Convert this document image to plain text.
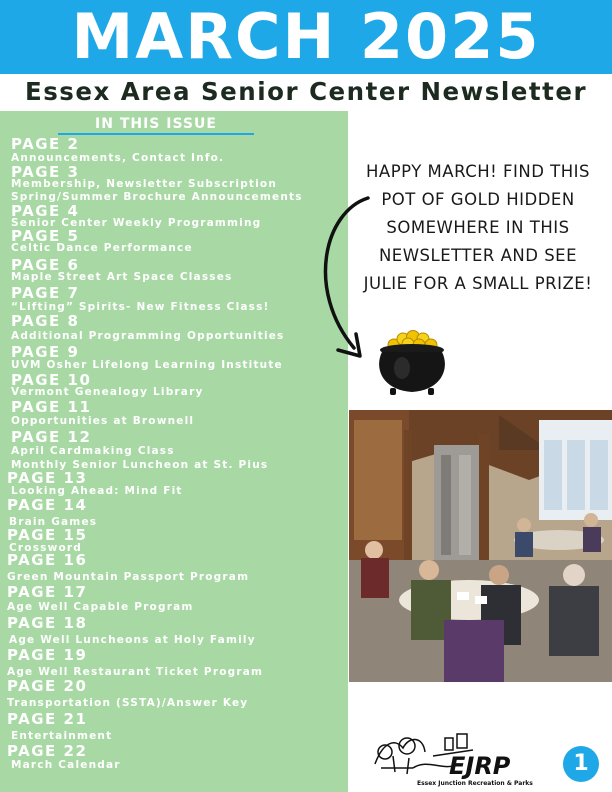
MARCH 2025
Essex Area Senior Center Newsletter
IN THIS ISSUE
PAGE 2
Announcements, Contact Info.
PAGE 3
Membership, Newsletter Subscription
Spring/Summer Brochure Announcements
PAGE 4
Senior Center Weekly Programming
PAGE 5
Celtic Dance Performance
PAGE 6
Maple Street Art Space Classes
PAGE 7
“Lifting” Spirits- New Fitness Class!
PAGE 8
Additional Programming Opportunities
PAGE 9
UVM Osher Lifelong Learning Institute
PAGE 10
Vermont Genealogy Library
PAGE 11
Opportunities at Brownell
PAGE 12
April Cardmaking Class
Monthly Senior Luncheon at St. Pius
PAGE 13
Looking Ahead: Mind Fit
PAGE 14
Brain Games
PAGE 15
Crossword
PAGE 16
Green Mountain Passport Program
PAGE 17
Age Well Capable Program
PAGE 18
Age Well Luncheons at Holy Family
PAGE 19
Age Well Restaurant Ticket Program
PAGE 20
Transportation (SSTA)/Answer Key
PAGE 21
Entertainment
PAGE 22
March Calendar
HAPPY MARCH! FIND THIS POT OF GOLD HIDDEN SOMEWHERE IN THIS NEWSLETTER AND SEE JULIE FOR A SMALL PRIZE!
EJRP
Essex Junction Recreation & Parks
1
